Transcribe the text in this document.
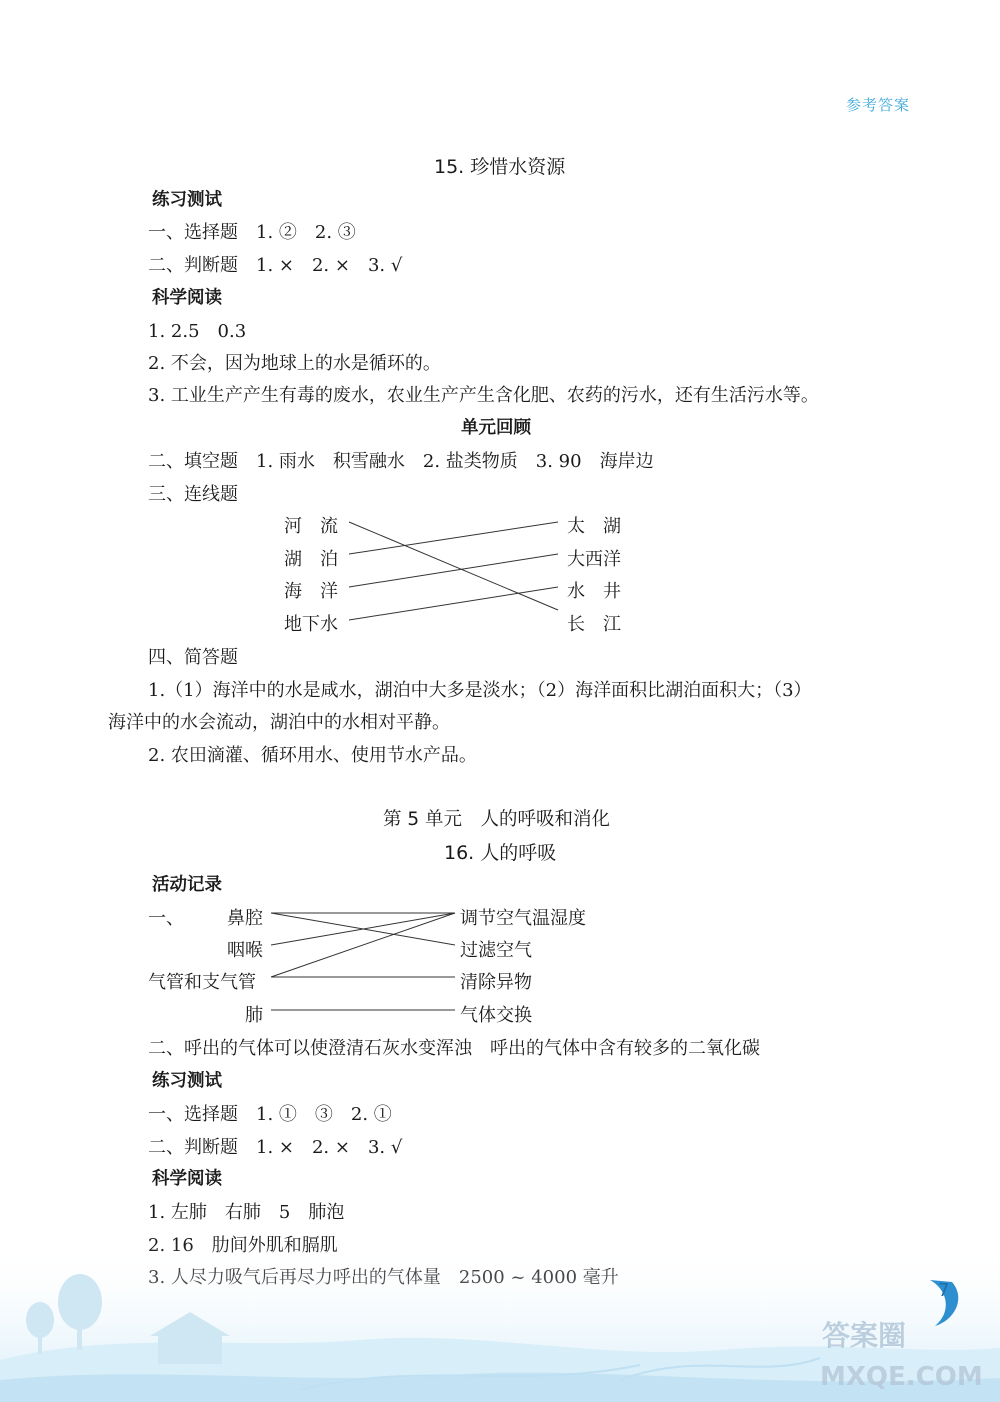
参考答案
15. 珍惜水资源
练习测试
一、选择题　1. ②　2. ③
二、判断题　1. ×　2. ×　3. √
科学阅读
1. 2.5　0.3
2. 不会，因为地球上的水是循环的。
3. 工业生产产生有毒的废水，农业生产产生含化肥、农药的污水，还有生活污水等。
单元回顾
二、填空题　1. 雨水　积雪融水　2. 盐类物质　3. 90　海岸边
三、连线题
河　流
湖　泊
海　洋
地下水
太　湖
大西洋
水　井
长　江
四、简答题
1.（1）海洋中的水是咸水，湖泊中大多是淡水；（2）海洋面积比湖泊面积大；（3）
海洋中的水会流动，湖泊中的水相对平静。
2. 农田滴灌、循环用水、使用节水产品。
第 5 单元　人的呼吸和消化
16. 人的呼吸
活动记录
一、 鼻腔
咽喉
气管和支气管
肺
调节空气温湿度
过滤空气
清除异物
气体交换
二、呼出的气体可以使澄清石灰水变浑浊　呼出的气体中含有较多的二氧化碳
练习测试
一、选择题　1. ①　③　2. ①
二、判断题　1. ×　2. ×　3. √
科学阅读
1. 左肺　右肺　5　肺泡
7
答案圈
MXQE.COM
